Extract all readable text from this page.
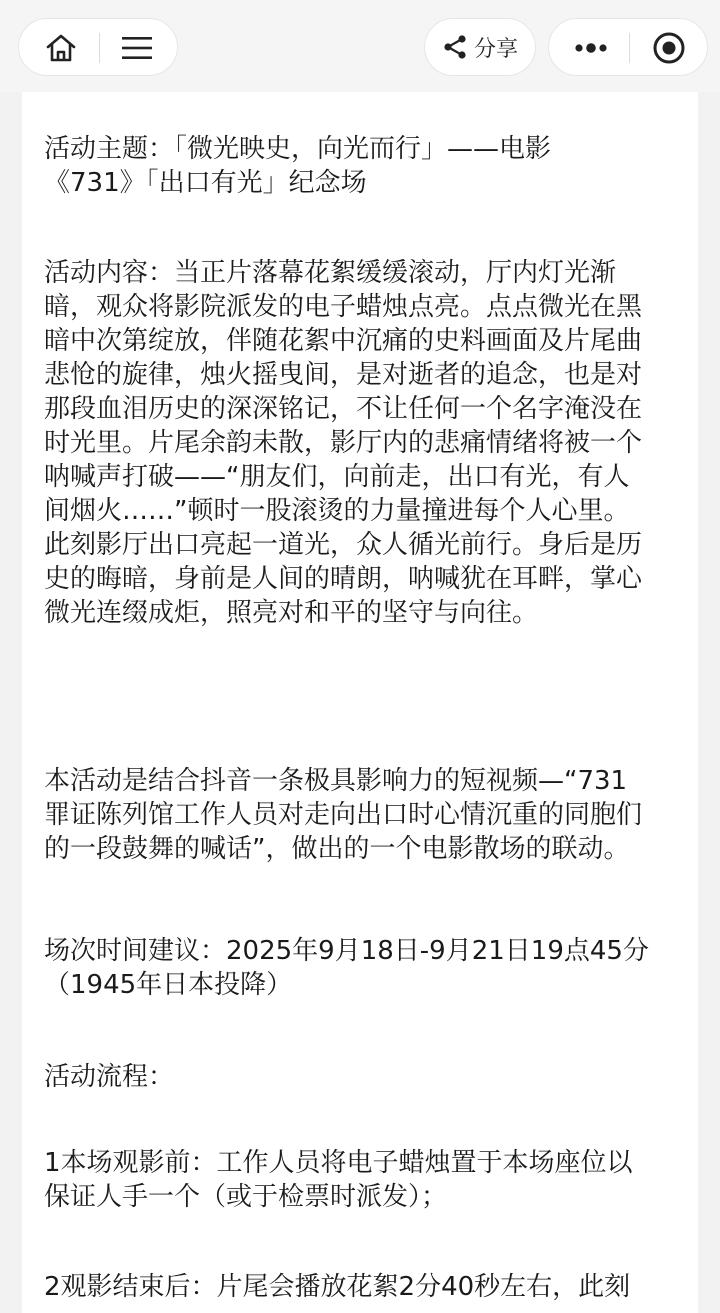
分享
活动主题：「微光映史，向光而行」——电影
《731》「出口有光」纪念场
活动内容：当正片落幕花絮缓缓滚动，厅内灯光渐
暗，观众将影院派发的电子蜡烛点亮。点点微光在黑
暗中次第绽放，伴随花絮中沉痛的史料画面及片尾曲
悲怆的旋律，烛火摇曳间，是对逝者的追念，也是对
那段血泪历史的深深铭记，不让任何一个名字淹没在
时光里。片尾余韵未散，影厅内的悲痛情绪将被一个
呐喊声打破——“朋友们，向前走，出口有光，有人
间烟火……”顿时一股滚烫的力量撞进每个人心里。
此刻影厅出口亮起一道光，众人循光前行。身后是历
史的晦暗，身前是人间的晴朗，呐喊犹在耳畔，掌心
微光连缀成炬，照亮对和平的坚守与向往。
本活动是结合抖音一条极具影响力的短视频—“731
罪证陈列馆工作人员对走向出口时心情沉重的同胞们
的一段鼓舞的喊话”，做出的一个电影散场的联动。
场次时间建议：2025年9月18日-9月21日19点45分
（1945年日本投降）
活动流程：
1本场观影前：工作人员将电子蜡烛置于本场座位以
保证人手一个（或于检票时派发）；
2观影结束后：片尾会播放花絮2分40秒左右，此刻
